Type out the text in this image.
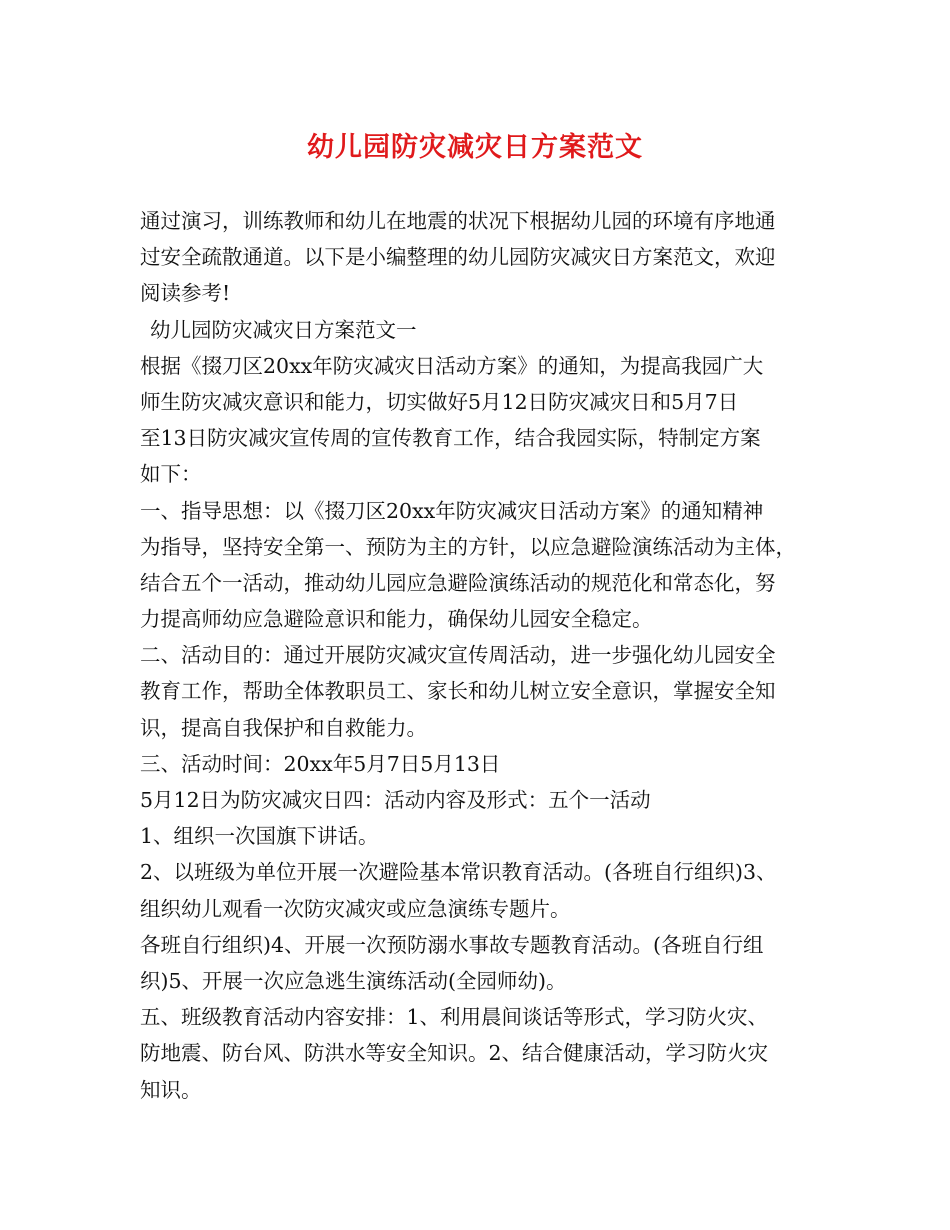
幼儿园防灾减灾日方案范文
通过演习，训练教师和幼儿在地震的状况下根据幼儿园的环境有序地通
过安全疏散通道。以下是小编整理的幼儿园防灾减灾日方案范文，欢迎
阅读参考!
幼儿园防灾减灾日方案范文一
根据《掇刀区20xx年防灾减灾日活动方案》的通知，为提高我园广大
师生防灾减灾意识和能力，切实做好5月12日防灾减灾日和5月7日
至13日防灾减灾宣传周的宣传教育工作，结合我园实际，特制定方案
如下：
一、指导思想：以《掇刀区20xx年防灾减灾日活动方案》的通知精神
为指导，坚持安全第一、预防为主的方针，以应急避险演练活动为主体，
结合五个一活动，推动幼儿园应急避险演练活动的规范化和常态化，努
力提高师幼应急避险意识和能力，确保幼儿园安全稳定。
二、活动目的：通过开展防灾减灾宣传周活动，进一步强化幼儿园安全
教育工作，帮助全体教职员工、家长和幼儿树立安全意识，掌握安全知
识，提高自我保护和自救能力。
三、活动时间：20xx年5月7日5月13日
5月12日为防灾减灾日四：活动内容及形式：五个一活动
1、组织一次国旗下讲话。
2、以班级为单位开展一次避险基本常识教育活动。(各班自行组织)3、
组织幼儿观看一次防灾减灾或应急演练专题片。
各班自行组织)4、开展一次预防溺水事故专题教育活动。(各班自行组
织)5、开展一次应急逃生演练活动(全园师幼)。
五、班级教育活动内容安排：1、利用晨间谈话等形式，学习防火灾、
防地震、防台风、防洪水等安全知识。2、结合健康活动，学习防火灾
知识。
